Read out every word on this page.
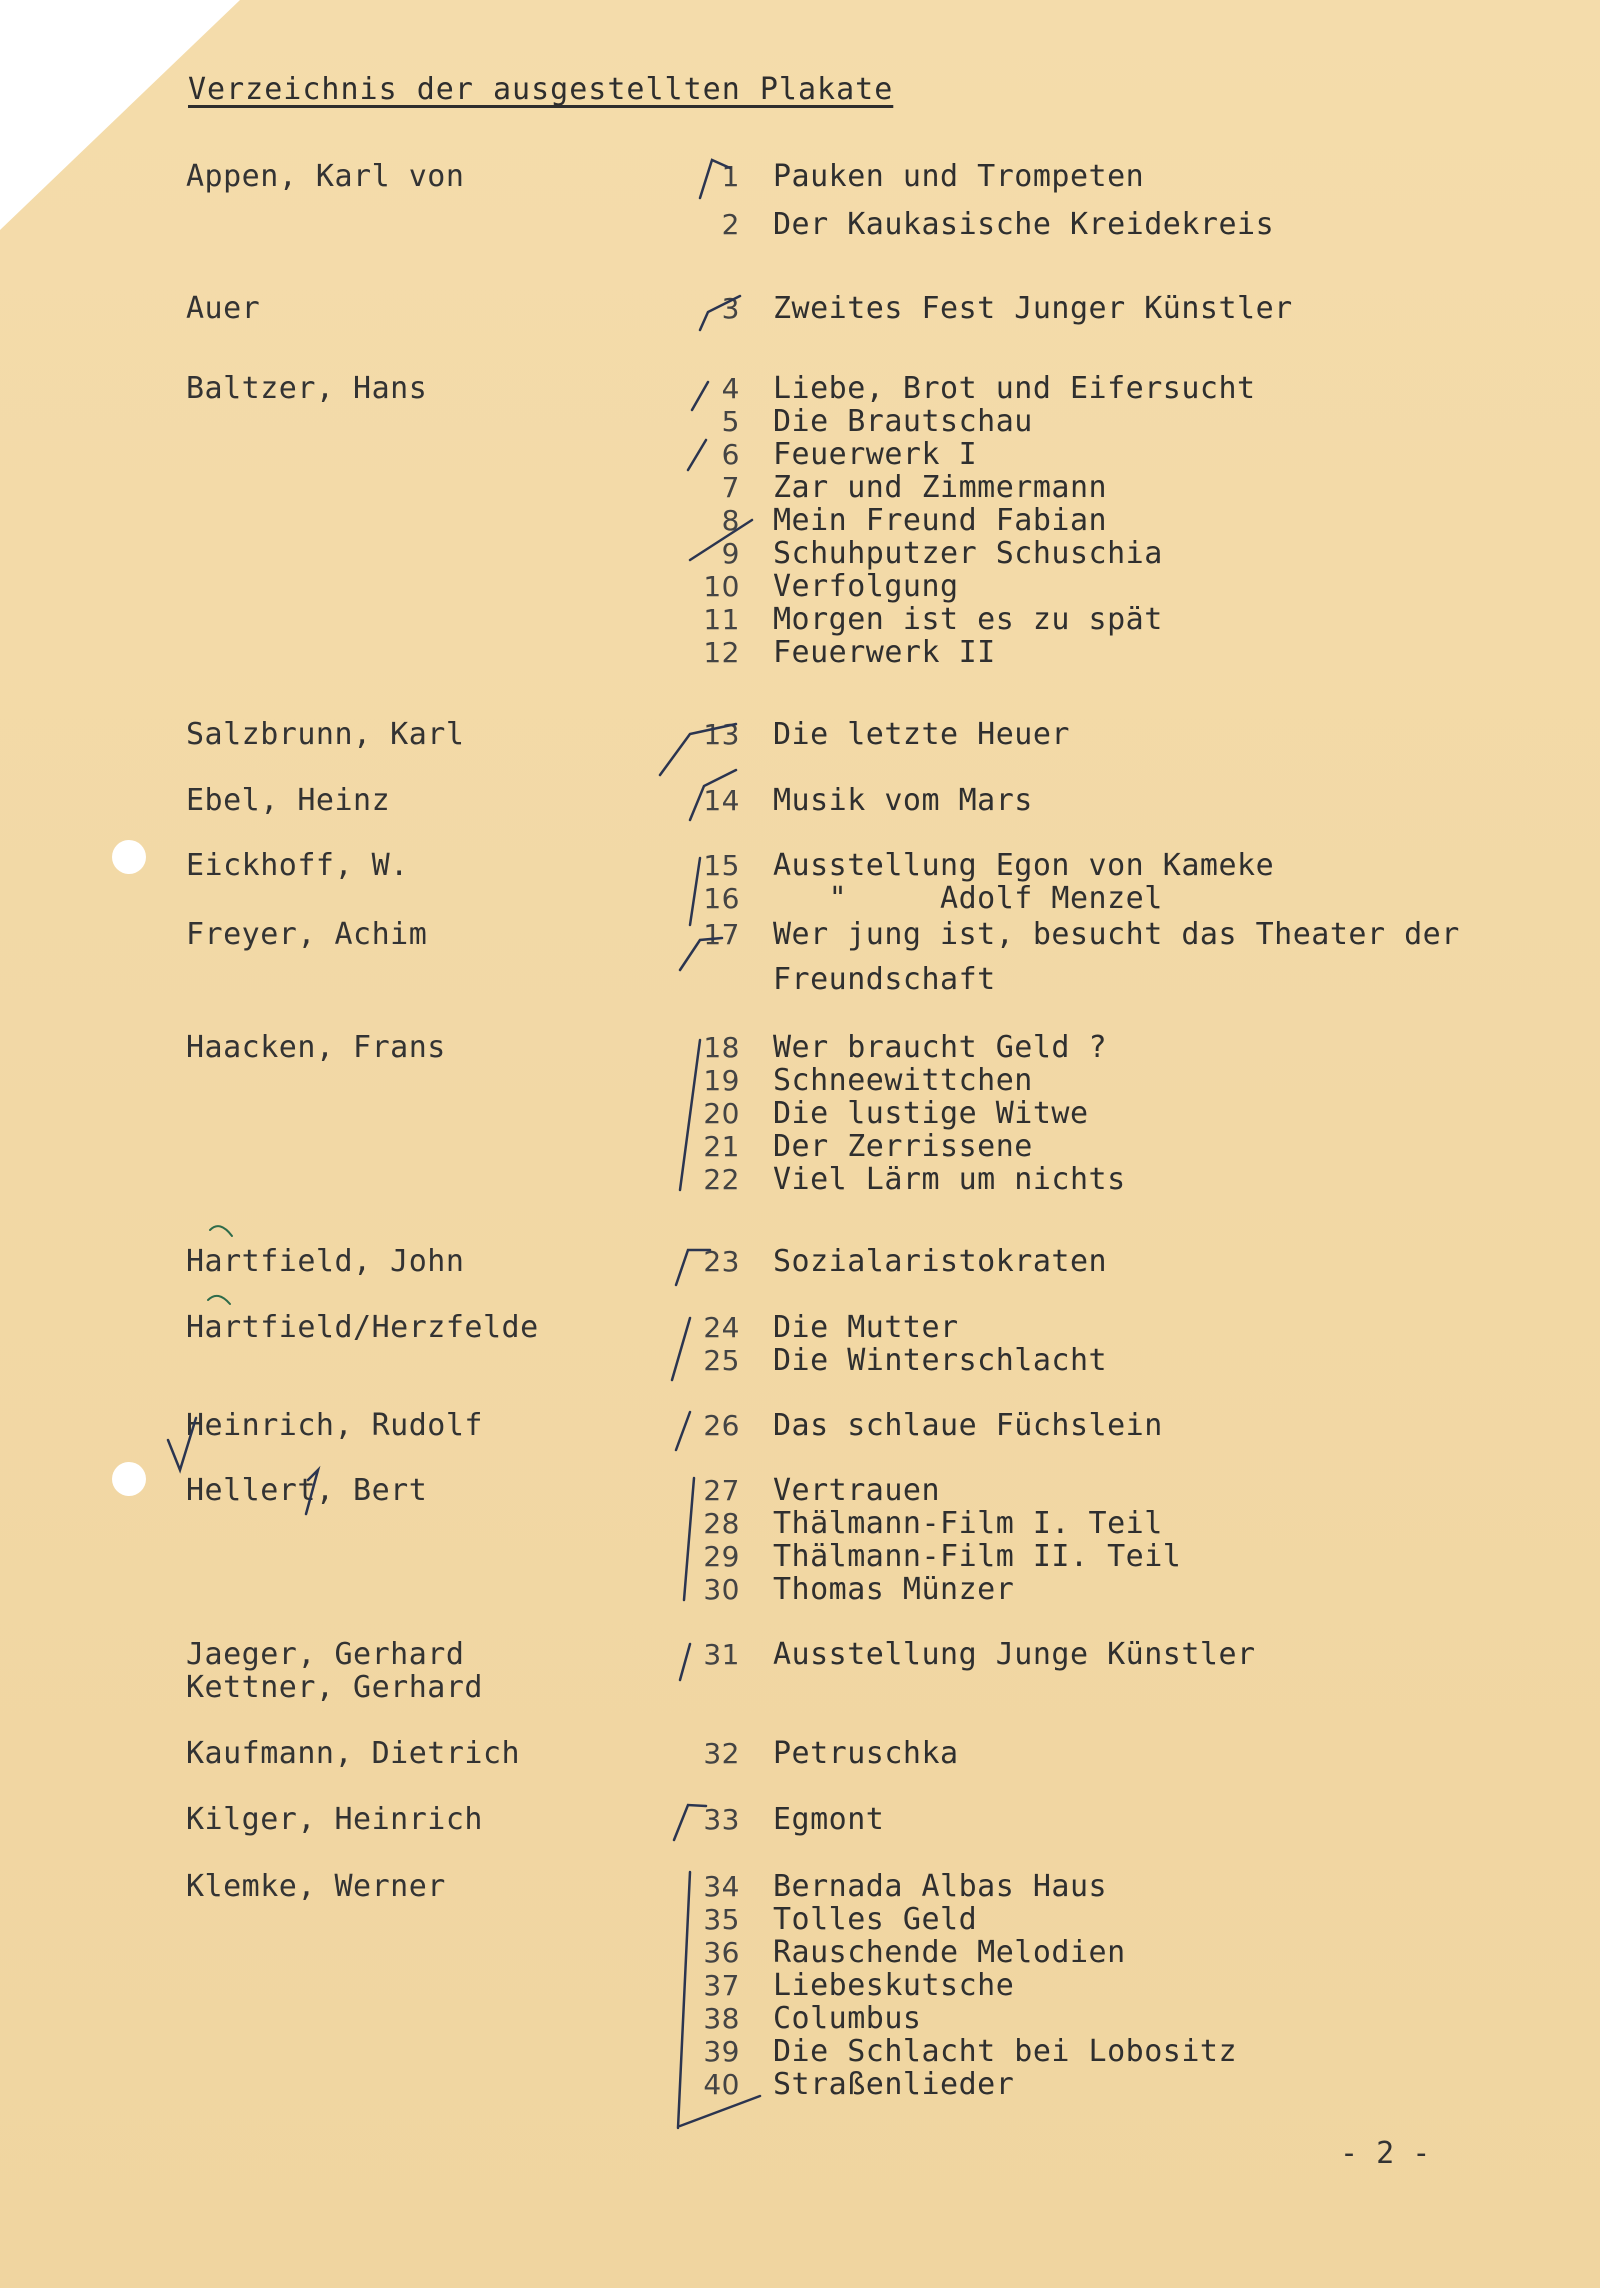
Verzeichnis der ausgestellten Plakate
Appen, Karl von	1 Pauken und Trompeten
2 Der Kaukasische Kreidekreis
Auer	3 Zweites Fest Junger Künstler
Baltzer, Hans	4 Liebe, Brot und Eifersucht
5 Die Brautschau
6 Feuerwerk I
7 Zar und Zimmermann
8 Mein Freund Fabian
9 Schuhputzer Schuschia
10 Verfolgung
11 Morgen ist es zu spät
12 Feuerwerk II
Salzbrunn, Karl	13 Die letzte Heuer
Ebel, Heinz	14 Musik vom Mars
Eickhoff, W.	15 Ausstellung Egon von Kameke
16 "     Adolf Menzel
Freyer, Achim	17 Wer jung ist, besucht das Theater der
Freundschaft
Haacken, Frans	18 Wer braucht Geld ?
19 Schneewittchen
20 Die lustige Witwe
21 Der Zerrissene
22 Viel Lärm um nichts
Hartfield, John	23 Sozialaristokraten
Hartfield/Herzfelde	24 Die Mutter
25 Die Winterschlacht
Heinrich, Rudolf	26 Das schlaue Füchslein
Hellert, Bert	27 Vertrauen
28 Thälmann-Film I. Teil
29 Thälmann-Film II. Teil
30 Thomas Münzer
Jaeger, Gerhard	31 Ausstellung Junge Künstler
Kettner, Gerhard
Kaufmann, Dietrich	32 Petruschka
Kilger, Heinrich	33 Egmont
Klemke, Werner	34 Bernada Albas Haus
35 Tolles Geld
36 Rauschende Melodien
37 Liebeskutsche
38 Columbus
39 Die Schlacht bei Lobositz
40 Straßenlieder
- 2 -
